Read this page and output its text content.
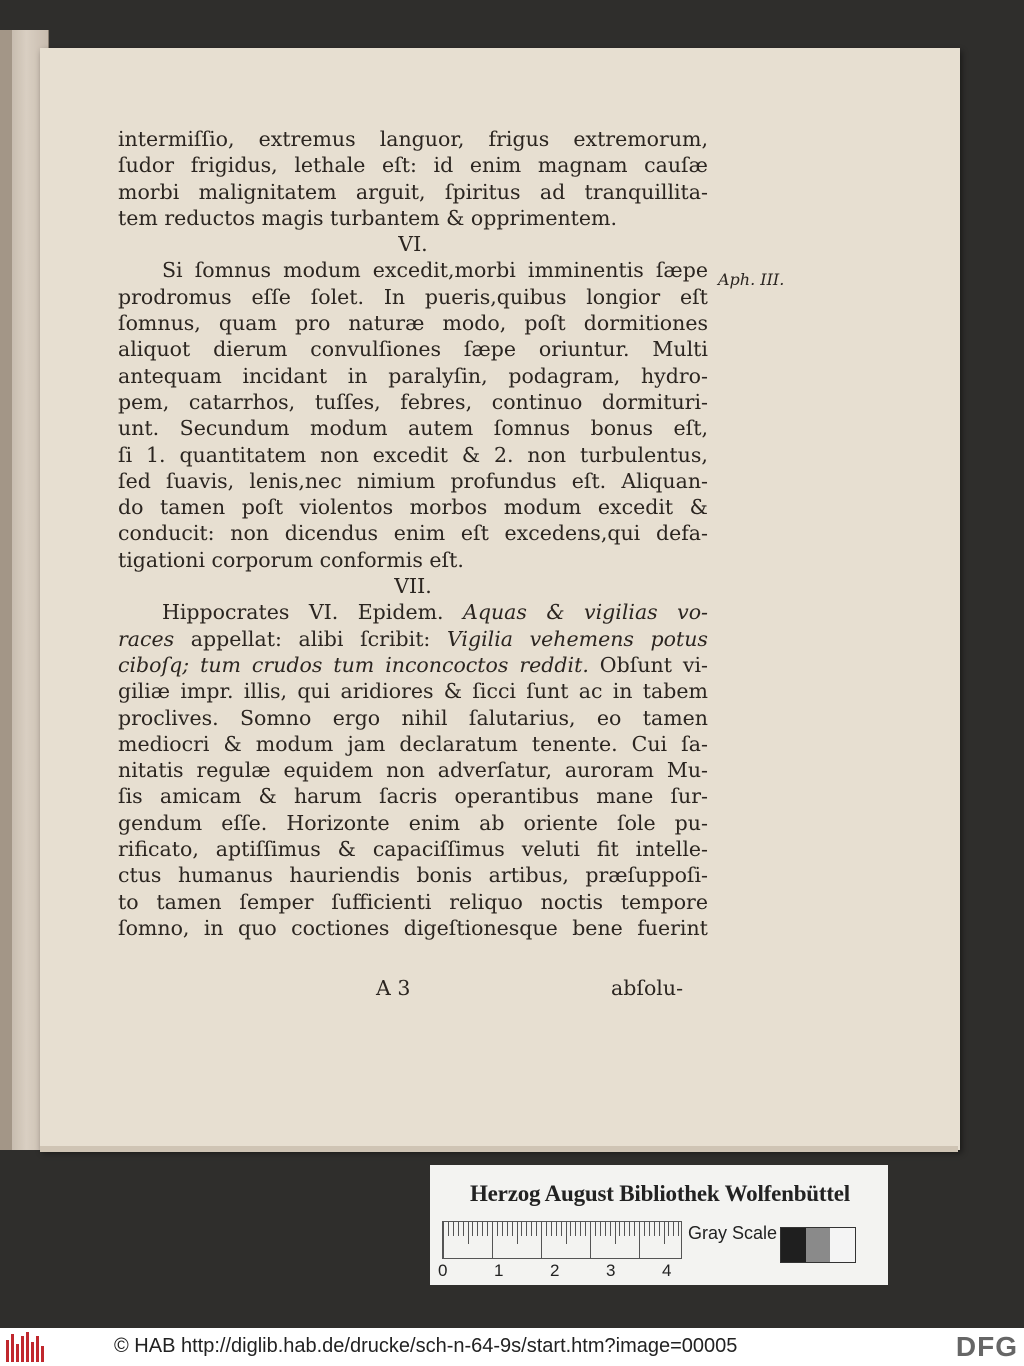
intermiſſio, extremus languor, frigus extremorum,
ſudor frigidus, lethale eſt: id enim magnam cauſæ
morbi malignitatem arguit, ſpiritus ad tranquillita-
tem reductos magis turbantem & opprimentem.
VI.
Si ſomnus modum excedit,morbi imminentis ſæpe
prodromus eſſe ſolet. In pueris,quibus longior eſt
ſomnus, quam pro naturæ modo, poſt dormitiones
aliquot dierum convulſiones ſæpe oriuntur. Multi
antequam incidant in paralyſin, podagram, hydro-
pem, catarrhos, tuſſes, febres, continuo dormituri-
unt. Secundum modum autem ſomnus bonus eſt,
ſi 1. quantitatem non excedit & 2. non turbulentus,
ſed ſuavis, lenis,nec nimium profundus eſt. Aliquan-
do tamen poſt violentos morbos modum excedit &
conducit: non dicendus enim eſt excedens,qui defa-
tigationi corporum conformis eſt.
VII.
Hippocrates VI. Epidem. Aquas & vigilias vo-
races appellat: alibi ſcribit: Vigilia vehemens potus
ciboſq; tum crudos tum inconcoctos reddit. Obſunt vi-
giliæ impr. illis, qui aridiores & ſicci ſunt ac in tabem
proclives. Somno ergo nihil ſalutarius, eo tamen
mediocri & modum jam declaratum tenente. Cui ſa-
nitatis regulæ equidem non adverſatur, auroram Mu-
ſis amicam & harum ſacris operantibus mane ſur-
gendum eſſe. Horizonte enim ab oriente ſole pu-
rificato, aptiſſimus & capaciſſimus veluti fit intelle-
ctus humanus hauriendis bonis artibus, præſuppoſi-
to tamen ſemper ſufficienti reliquo noctis tempore
ſomno, in quo coctiones digeſtionesque bene fuerint
Aph. III.
A 3	abſolu-
Herzog August Bibliothek Wolfenbüttel
0	1	2	3	4
Gray Scale
© HAB http://diglib.hab.de/drucke/sch-n-64-9s/start.htm?image=00005	DFG
